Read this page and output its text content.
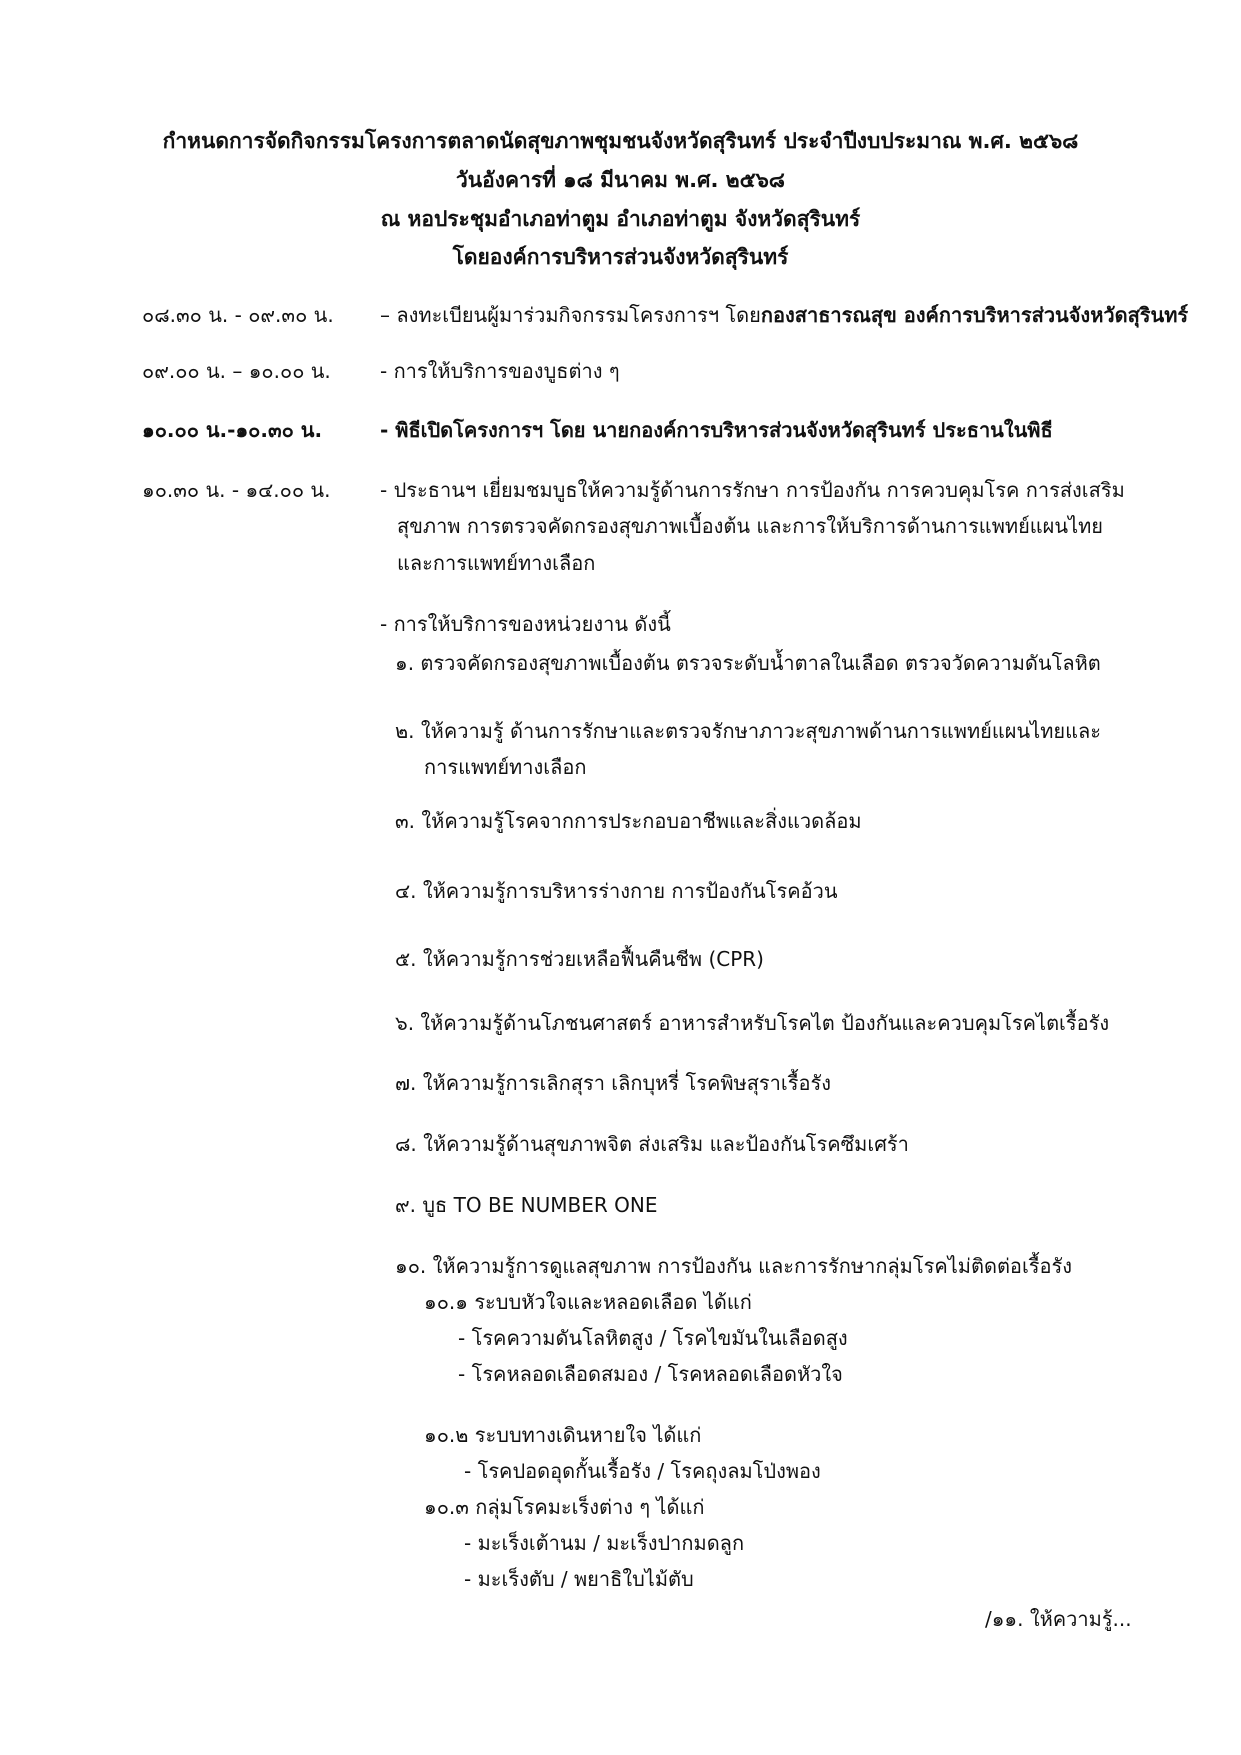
กำหนดการจัดกิจกรรมโครงการตลาดนัดสุขภาพชุมชนจังหวัดสุรินทร์ ประจำปีงบประมาณ พ.ศ. ๒๕๖๘
วันอังคารที่ ๑๘ มีนาคม พ.ศ. ๒๕๖๘
ณ หอประชุมอำเภอท่าตูม อำเภอท่าตูม จังหวัดสุรินทร์
โดยองค์การบริหารส่วนจังหวัดสุรินทร์
๐๘.๓๐ น. - ๐๙.๓๐ น. – ลงทะเบียนผู้มาร่วมกิจกรรมโครงการฯ โดยกองสาธารณสุข องค์การบริหารส่วนจังหวัดสุรินทร์
๐๙.๐๐ น. – ๑๐.๐๐ น. - การให้บริการของบูธต่าง ๆ
๑๐.๐๐ น.-๑๐.๓๐ น.	- พิธีเปิดโครงการฯ โดย นายกองค์การบริหารส่วนจังหวัดสุรินทร์ ประธานในพิธี
๑๐.๓๐ น. - ๑๔.๐๐ น. - ประธานฯ เยี่ยมชมบูธให้ความรู้ด้านการรักษา การป้องกัน การควบคุมโรค การส่งเสริม
สุขภาพ การตรวจคัดกรองสุขภาพเบื้องต้น และการให้บริการด้านการแพทย์แผนไทย
และการแพทย์ทางเลือก
- การให้บริการของหน่วยงาน ดังนี้
๑. ตรวจคัดกรองสุขภาพเบื้องต้น ตรวจระดับน้ำตาลในเลือด ตรวจวัดความดันโลหิต
๒. ให้ความรู้ ด้านการรักษาและตรวจรักษาภาวะสุขภาพด้านการแพทย์แผนไทยและ
การแพทย์ทางเลือก
๓. ให้ความรู้โรคจากการประกอบอาชีพและสิ่งแวดล้อม
๔. ให้ความรู้การบริหารร่างกาย การป้องกันโรคอ้วน
๕. ให้ความรู้การช่วยเหลือฟื้นคืนชีพ (CPR)
๖. ให้ความรู้ด้านโภชนศาสตร์ อาหารสำหรับโรคไต ป้องกันและควบคุมโรคไตเรื้อรัง
๗. ให้ความรู้การเลิกสุรา เลิกบุหรี่ โรคพิษสุราเรื้อรัง
๘. ให้ความรู้ด้านสุขภาพจิต ส่งเสริม และป้องกันโรคซึมเศร้า
๙. บูธ TO BE NUMBER ONE
๑๐. ให้ความรู้การดูแลสุขภาพ การป้องกัน และการรักษากลุ่มโรคไม่ติดต่อเรื้อรัง
๑๐.๑ ระบบหัวใจและหลอดเลือด ได้แก่
- โรคความดันโลหิตสูง / โรคไขมันในเลือดสูง
- โรคหลอดเลือดสมอง / โรคหลอดเลือดหัวใจ
๑๐.๒ ระบบทางเดินหายใจ ได้แก่
- โรคปอดอุดกั้นเรื้อรัง / โรคถุงลมโป่งพอง
๑๐.๓ กลุ่มโรคมะเร็งต่าง ๆ ได้แก่
- มะเร็งเต้านม / มะเร็งปากมดลูก
- มะเร็งตับ / พยาธิใบไม้ตับ
/๑๑. ให้ความรู้...
